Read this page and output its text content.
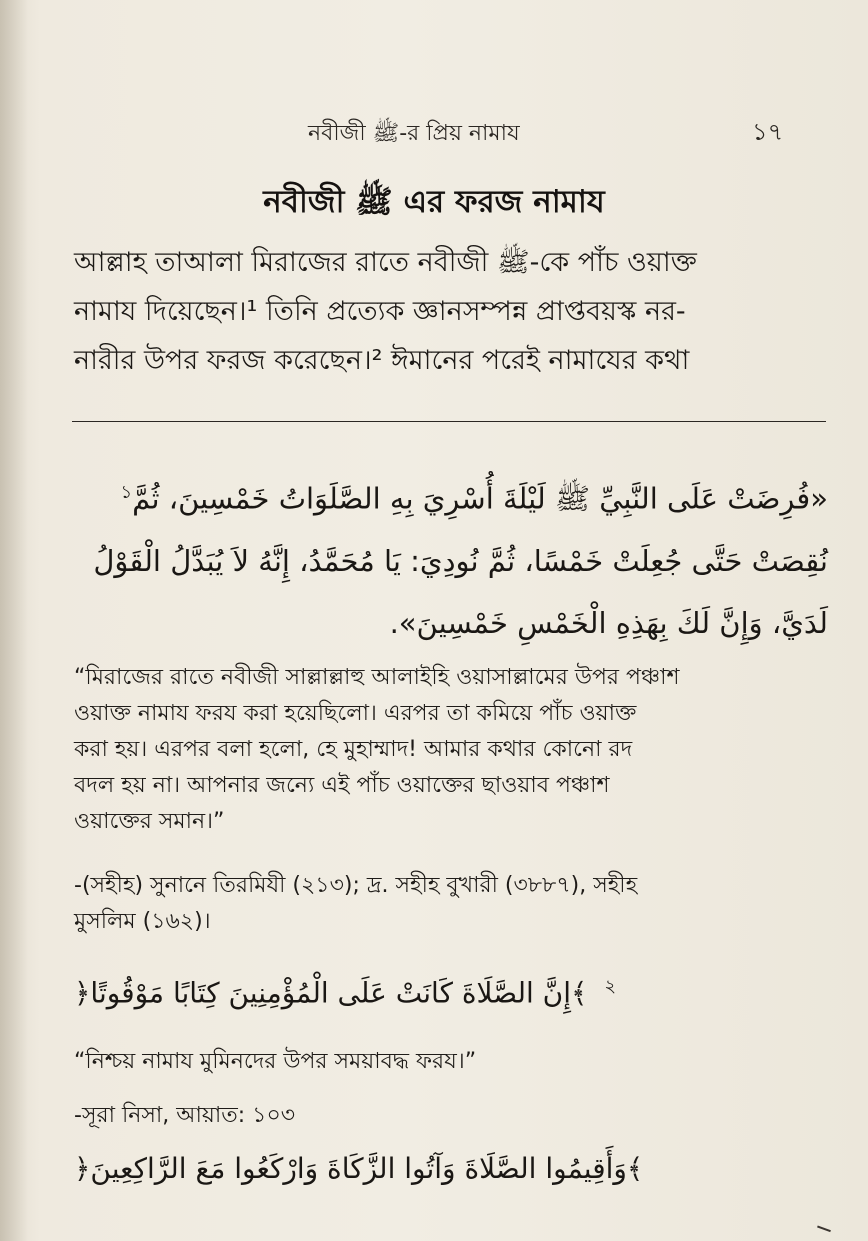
নবীজী ﷺ-র প্রিয় নামায	১৭
নবীজী ﷺ এর ফরজ নামায
আল্লাহ তাআলা মিরাজের রাতে নবীজী ﷺ-কে পাঁচ ওয়াক্ত
নামায দিয়েছেন।¹ তিনি প্রত্যেক জ্ঞানসম্পন্ন প্রাপ্তবয়স্ক নর-
নারীর উপর ফরজ করেছেন।² ঈমানের পরেই নামাযের কথা
«فُرِضَتْ عَلَى النَّبِيِّ ﷺ لَيْلَةَ أُسْرِيَ بِهِ الصَّلَوَاتُ خَمْسِينَ، ثُمَّ$^১$
نُقِصَتْ حَتَّى جُعِلَتْ خَمْسًا، ثُمَّ نُودِيَ: يَا مُحَمَّدُ، إِنَّهُ لاَ يُبَدَّلُ الْقَوْلُ
لَدَيَّ، وَإِنَّ لَكَ بِهَذِهِ الْخَمْسِ خَمْسِينَ».
“মিরাজের রাতে নবীজী সাল্লাল্লাহু আলাইহি ওয়াসাল্লামের উপর পঞ্চাশ
ওয়াক্ত নামায ফরয করা হয়েছিলো। এরপর তা কমিয়ে পাঁচ ওয়াক্ত
করা হয়। এরপর বলা হলো, হে মুহাম্মাদ! আমার কথার কোনো রদ
বদল হয় না। আপনার জন্যে এই পাঁচ ওয়াক্তের ছাওয়াব পঞ্চাশ
ওয়াক্তের সমান।”
-(সহীহ) সুনানে তিরমিযী (২১৩); দ্র. সহীহ বুখারী (৩৮৮৭), সহীহ
মুসলিম (১৬২)।
﴿إِنَّ الصَّلَاةَ كَانَتْ عَلَى الْمُؤْمِنِينَ كِتَابًا مَوْقُوتًا﴾ $^২$
“নিশ্চয় নামায মুমিনদের উপর সময়াবদ্ধ ফরয।”
-সূরা নিসা, আয়াত: ১০৩
﴿وَأَقِيمُوا الصَّلَاةَ وَآتُوا الزَّكَاةَ وَارْكَعُوا مَعَ الرَّاكِعِينَ﴾
